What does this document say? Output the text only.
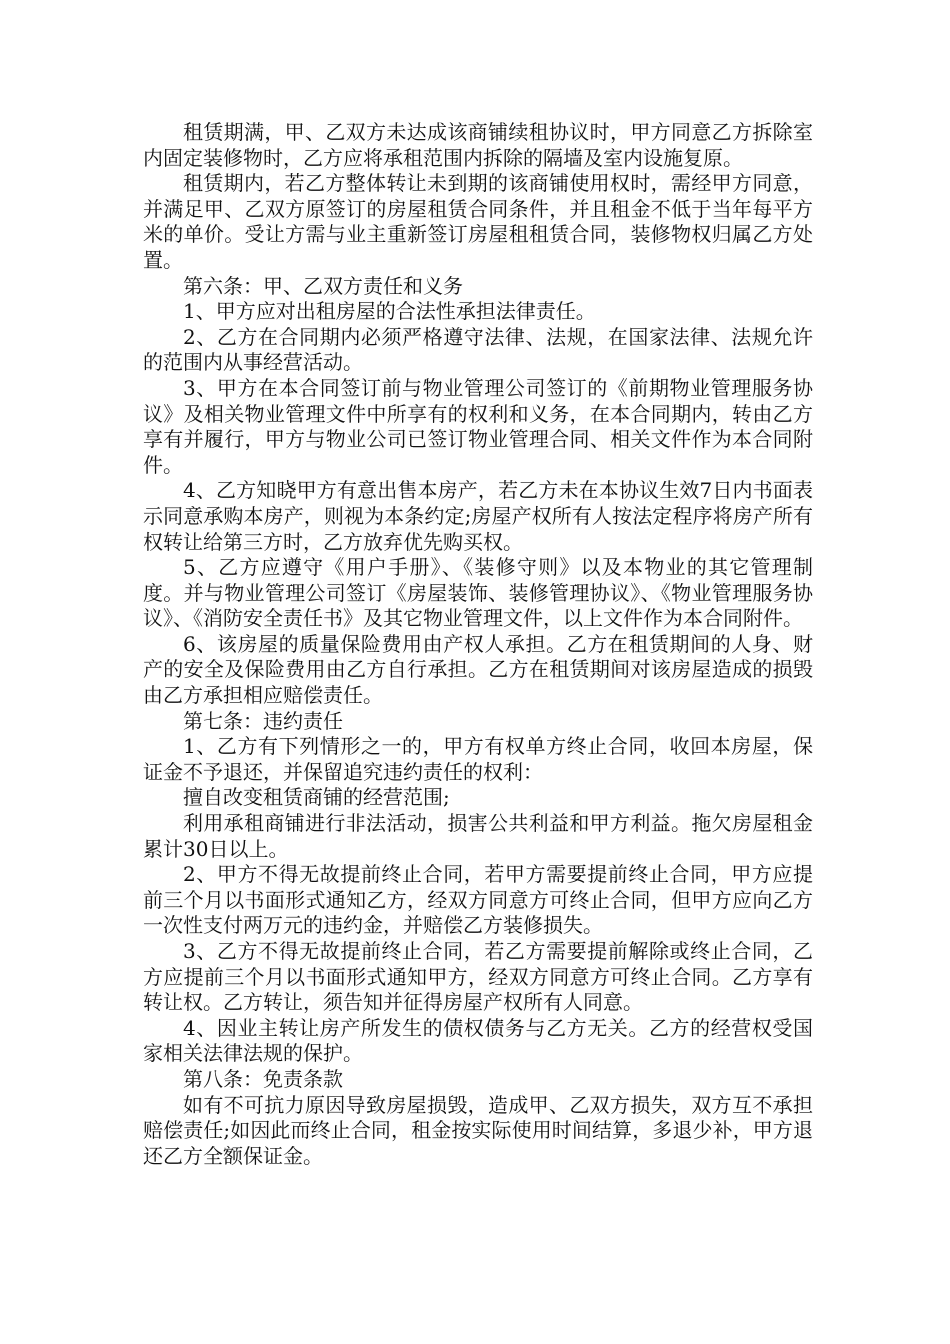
租赁期满，甲、乙双方未达成该商铺续租协议时，甲方同意乙方拆除室内固定装修物时，乙方应将承租范围内拆除的隔墙及室内设施复原。

租赁期内，若乙方整体转让未到期的该商铺使用权时，需经甲方同意，并满足甲、乙双方原签订的房屋租赁合同条件，并且租金不低于当年每平方米的单价。受让方需与业主重新签订房屋租租赁合同，装修物权归属乙方处置。

第六条：甲、乙双方责任和义务

1、甲方应对出租房屋的合法性承担法律责任。

2、乙方在合同期内必须严格遵守法律、法规，在国家法律、法规允许的范围内从事经营活动。

3、甲方在本合同签订前与物业管理公司签订的《前期物业管理服务协议》及相关物业管理文件中所享有的权利和义务，在本合同期内，转由乙方享有并履行，甲方与物业公司已签订物业管理合同、相关文件作为本合同附件。

4、乙方知晓甲方有意出售本房产，若乙方未在本协议生效7日内书面表示同意承购本房产，则视为本条约定;房屋产权所有人按法定程序将房产所有权转让给第三方时，乙方放弃优先购买权。

5、乙方应遵守《用户手册》、《装修守则》以及本物业的其它管理制度。并与物业管理公司签订《房屋装饰、装修管理协议》、《物业管理服务协议》、《消防安全责任书》及其它物业管理文件，以上文件作为本合同附件。

6、该房屋的质量保险费用由产权人承担。乙方在租赁期间的人身、财产的安全及保险费用由乙方自行承担。乙方在租赁期间对该房屋造成的损毁由乙方承担相应赔偿责任。

第七条：违约责任

1、乙方有下列情形之一的，甲方有权单方终止合同，收回本房屋，保证金不予退还，并保留追究违约责任的权利：

擅自改变租赁商铺的经营范围;

利用承租商铺进行非法活动，损害公共利益和甲方利益。拖欠房屋租金累计30日以上。

2、甲方不得无故提前终止合同，若甲方需要提前终止合同，甲方应提前三个月以书面形式通知乙方，经双方同意方可终止合同，但甲方应向乙方一次性支付两万元的违约金，并赔偿乙方装修损失。

3、乙方不得无故提前终止合同，若乙方需要提前解除或终止合同，乙方应提前三个月以书面形式通知甲方，经双方同意方可终止合同。乙方享有转让权。乙方转让，须告知并征得房屋产权所有人同意。

4、因业主转让房产所发生的债权债务与乙方无关。乙方的经营权受国家相关法律法规的保护。

第八条：免责条款

如有不可抗力原因导致房屋损毁，造成甲、乙双方损失，双方互不承担赔偿责任;如因此而终止合同，租金按实际使用时间结算，多退少补，甲方退还乙方全额保证金。
